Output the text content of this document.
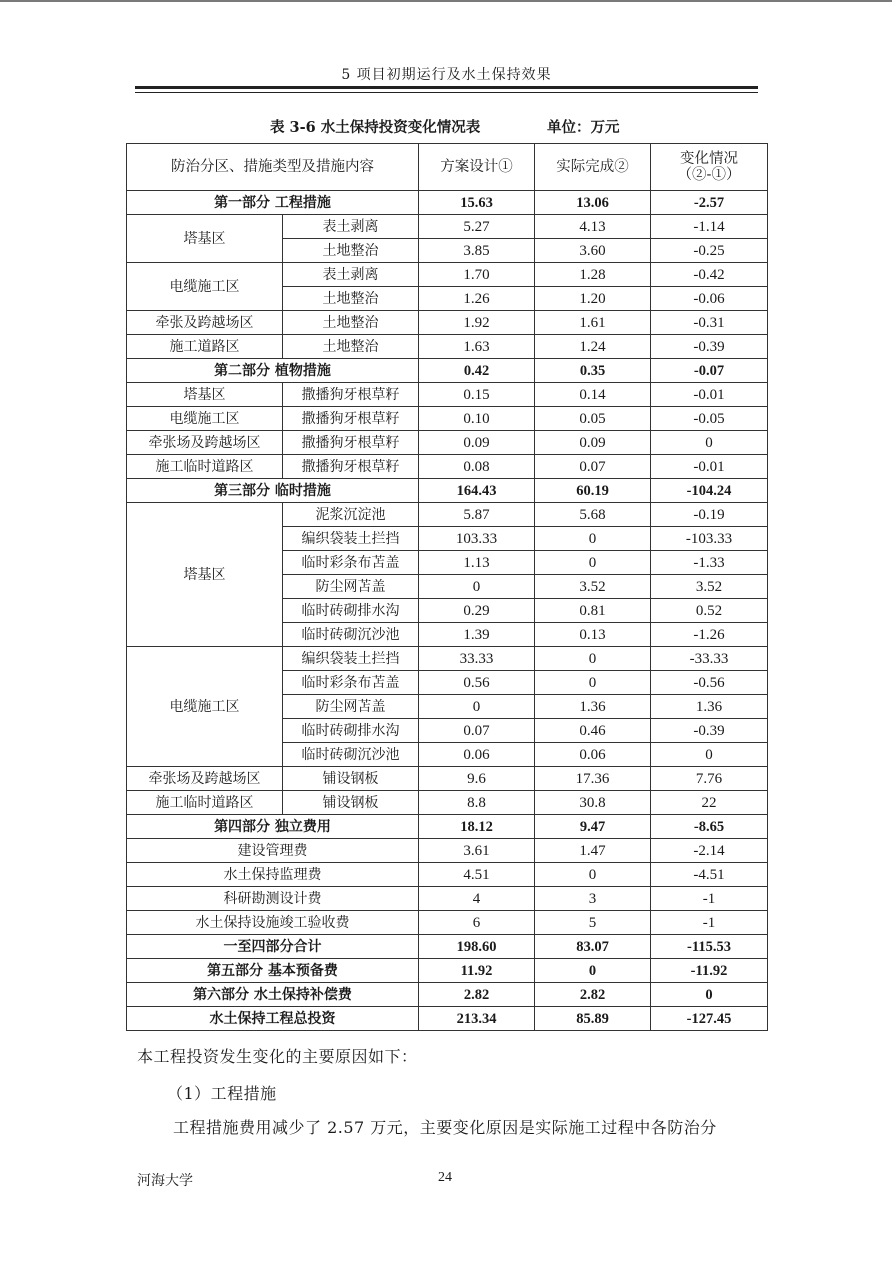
5 项目初期运行及水土保持效果
表 3-6 水土保持投资变化情况表	单位：万元
防治分区、措施类型及措施内容		方案设计①	实际完成②	变化情况
（②-①）

第一部分 工程措施		15.63	13.06	-2.57
塔基区	表土剥离	5.27	4.13	-1.14
	土地整治	3.85	3.60	-0.25
电缆施工区	表土剥离	1.70	1.28	-0.42
	土地整治	1.26	1.20	-0.06
牵张及跨越场区	土地整治	1.92	1.61	-0.31
施工道路区	土地整治	1.63	1.24	-0.39
第二部分 植物措施		0.42	0.35	-0.07
塔基区	撒播狗牙根草籽	0.15	0.14	-0.01
电缆施工区	撒播狗牙根草籽	0.10	0.05	-0.05
牵张场及跨越场区	撒播狗牙根草籽	0.09	0.09	0
施工临时道路区	撒播狗牙根草籽	0.08	0.07	-0.01
第三部分 临时措施		164.43	60.19	-104.24
塔基区	泥浆沉淀池	5.87	5.68	-0.19
	编织袋装土拦挡	103.33	0	-103.33
	临时彩条布苫盖	1.13	0	-1.33
	防尘网苫盖	0	3.52	3.52
	临时砖砌排水沟	0.29	0.81	0.52
	临时砖砌沉沙池	1.39	0.13	-1.26
电缆施工区	编织袋装土拦挡	33.33	0	-33.33
	临时彩条布苫盖	0.56	0	-0.56
	防尘网苫盖	0	1.36	1.36
	临时砖砌排水沟	0.07	0.46	-0.39
	临时砖砌沉沙池	0.06	0.06	0
牵张场及跨越场区	铺设钢板	9.6	17.36	7.76
施工临时道路区	铺设钢板	8.8	30.8	22
第四部分 独立费用		18.12	9.47	-8.65
建设管理费		3.61	1.47	-2.14
水土保持监理费		4.51	0	-4.51
科研勘测设计费		4	3	-1
水土保持设施竣工验收费		6	5	-1
一至四部分合计		198.60	83.07	-115.53
第五部分 基本预备费		11.92	0	-11.92
第六部分 水土保持补偿费		2.82	2.82	0
水土保持工程总投资		213.34	85.89	-127.45
本工程投资发生变化的主要原因如下：
（1）工程措施
工程措施费用减少了 2.57 万元，主要变化原因是实际施工过程中各防治分
河海大学	24
